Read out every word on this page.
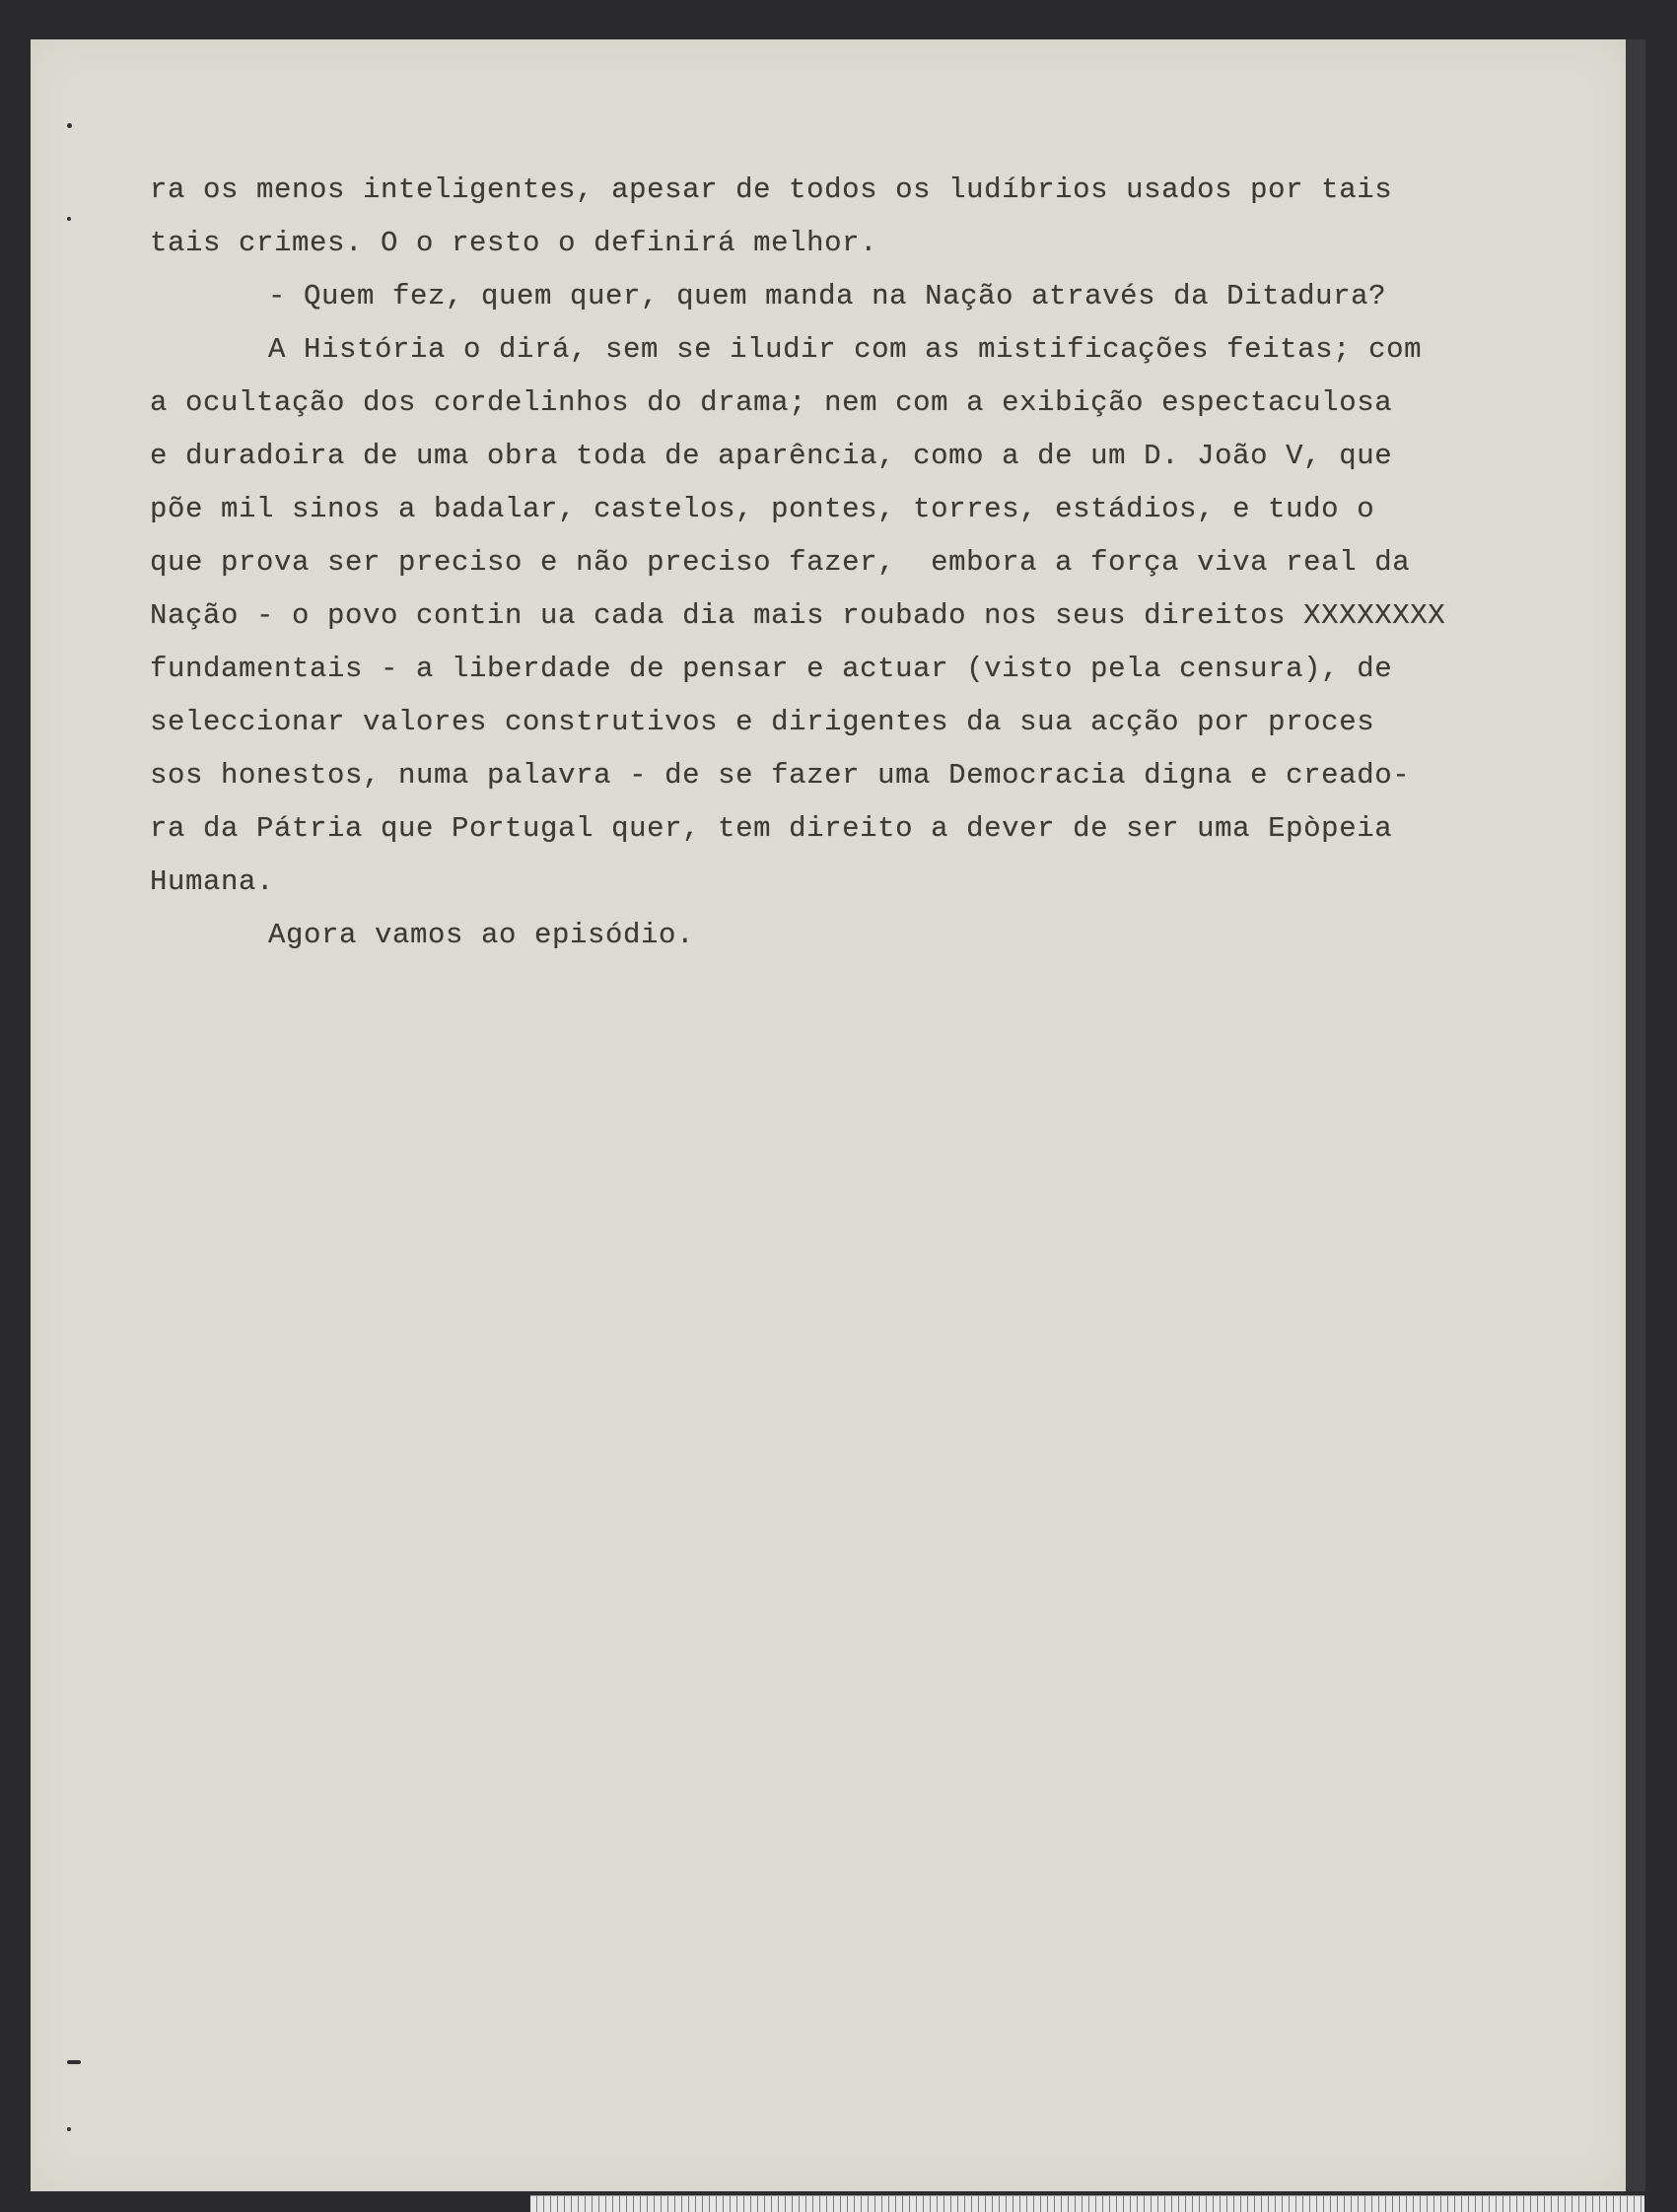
ra os menos inteligentes, apesar de todos os ludíbrios usados por tais
tais crimes. O o resto o definirá melhor.
- Quem fez, quem quer, quem manda na Nação através da Ditadura?
A História o dirá, sem se iludir com as mistificações feitas; com
a ocultação dos cordelinhos do drama; nem com a exibição espectaculosa
e duradoira de uma obra toda de aparência, como a de um D. João V, que
põe mil sinos a badalar, castelos, pontes, torres, estádios, e tudo o
que prova ser preciso e não preciso fazer,  embora a força viva real da
Nação - o povo contin ua cada dia mais roubado nos seus direitos XXXXXXXX
fundamentais - a liberdade de pensar e actuar (visto pela censura), de
seleccionar valores construtivos e dirigentes da sua acção por proces
sos honestos, numa palavra - de se fazer uma Democracia digna e creado-
ra da Pátria que Portugal quer, tem direito a dever de ser uma Epòpeia
Humana.
Agora vamos ao episódio.
